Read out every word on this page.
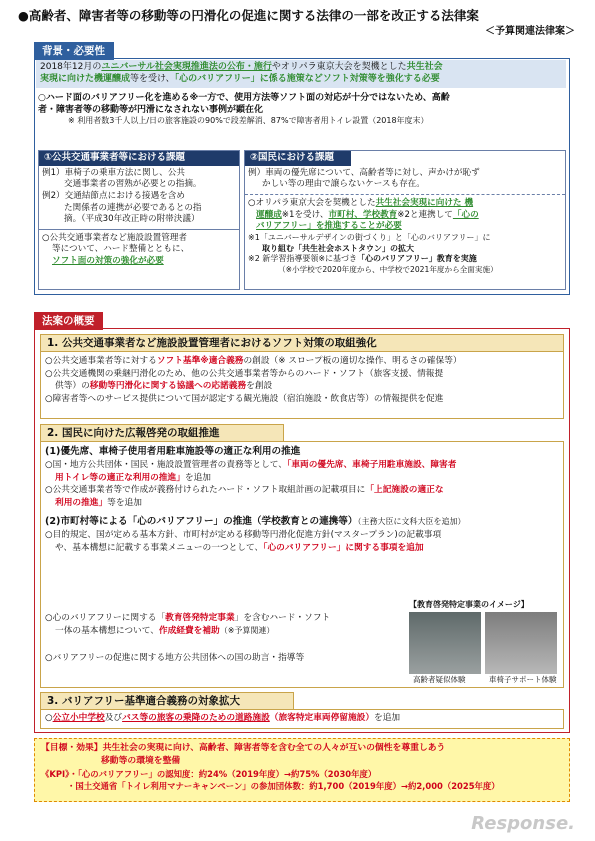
●高齢者、障害者等の移動等の円滑化の促進に関する法律の一部を改正する法律案
＜予算関連法律案＞
背景・必要性
2018年12月のユニバーサル社会実現推進法の公布・施行やオリパラ東京大会を契機とした共生社会
実現に向けた機運醸成等を受け、「心のバリアフリー」に係る施策などソフト対策等を強化する必要
○ハード面のバリアフリー化を進める※一方で、使用方法等ソフト面の対応が十分ではないため、高齢
者・障害者等の移動等が円滑になされない事例が顕在化
※ 利用者数3千人以上/日の旅客施設の90%で段差解消、87%で障害者用トイレ設置（2018年度末）
①公共交通事業者等における課題
例1）車椅子の乗車方法に関し、公共
交通事業者の習熟が必要との指摘。
例2）交通結節点における接遇を含め
た関係者の連携が必要であるとの指
摘。（平成30年改正時の附帯決議）
○公共交通事業者など施設設置管理者
等について、ハード整備とともに、
ソフト面の対策の強化が必要
②国民における課題
例）車両の優先席について、高齢者等に対し、声かけが恥ず
かしい等の理由で譲らないケースも存在。
○オリパラ東京大会を契機とした共生社会実現に向けた 機
運醸成※1を受け、市町村、学校教育※2と連携して「心の
バリアフリー」を推進することが必要
※1「ユニバーサルデザインの街づくり」と「心のバリアフリー」に
取り組む「共生社会ホストタウン」の拡大
※2 新学習指導要領※に基づき「心のバリアフリー」教育を実施
（※小学校で2020年度から、中学校で2021年度から全面実施）
法案の概要
1. 公共交通事業者など施設設置管理者におけるソフト対策の取組強化
○公共交通事業者等に対するソフト基準※適合義務の創設（※ スロープ板の適切な操作、明るさの確保等）
○公共交通機関の乗継円滑化のため、他の公共交通事業者等からのハード・ソフト（旅客支援、情報提
供等）の移動等円滑化に関する協議への応諾義務を創設
○障害者等へのサービス提供について国が認定する観光施設（宿泊施設・飲食店等）の情報提供を促進
2. 国民に向けた広報啓発の取組推進
(1)優先席、車椅子使用者用駐車施設等の適正な利用の推進
○国・地方公共団体・国民・施設設置管理者の責務等として、「車両の優先席、車椅子用駐車施設、障害者
用トイレ等の適正な利用の推進」を追加
○公共交通事業者等で作成が義務付けられたハード・ソフト取組計画の記載項目に「上記施設の適正な
利用の推進」等を追加
(2)市町村等による「心のバリアフリー」の推進（学校教育との連携等）（主務大臣に文科大臣を追加）
○目的規定、国が定める基本方針、市町村が定める移動等円滑化促進方針(マスタープラン)の記載事項
や、基本構想に記載する事業メニューの一つとして、「心のバリアフリー」に関する事項を追加
○心のバリアフリーに関する「教育啓発特定事業」を含むハード・ソフト
一体の基本構想について、作成経費を補助（※予算関連）
○バリアフリーの促進に関する地方公共団体への国の助言・指導等
【教育啓発特定事業のイメージ】
高齢者疑似体験	車椅子サポート体験
3. バリアフリー基準適合義務の対象拡大
○公立小中学校及びバス等の旅客の乗降のための道路施設（旅客特定車両停留施設）を追加
【目標・効果】共生社会の実現に向け、高齢者、障害者等を含む全ての人々が互いの個性を尊重しあう
移動等の環境を整備
《KPI》・「心のバリアフリー」の認知度：約24%（2019年度）→約75%（2030年度）
・国土交通省「トイレ利用マナーキャンペーン」の参加団体数：約1,700（2019年度）→約2,000（2025年度）
Response.
